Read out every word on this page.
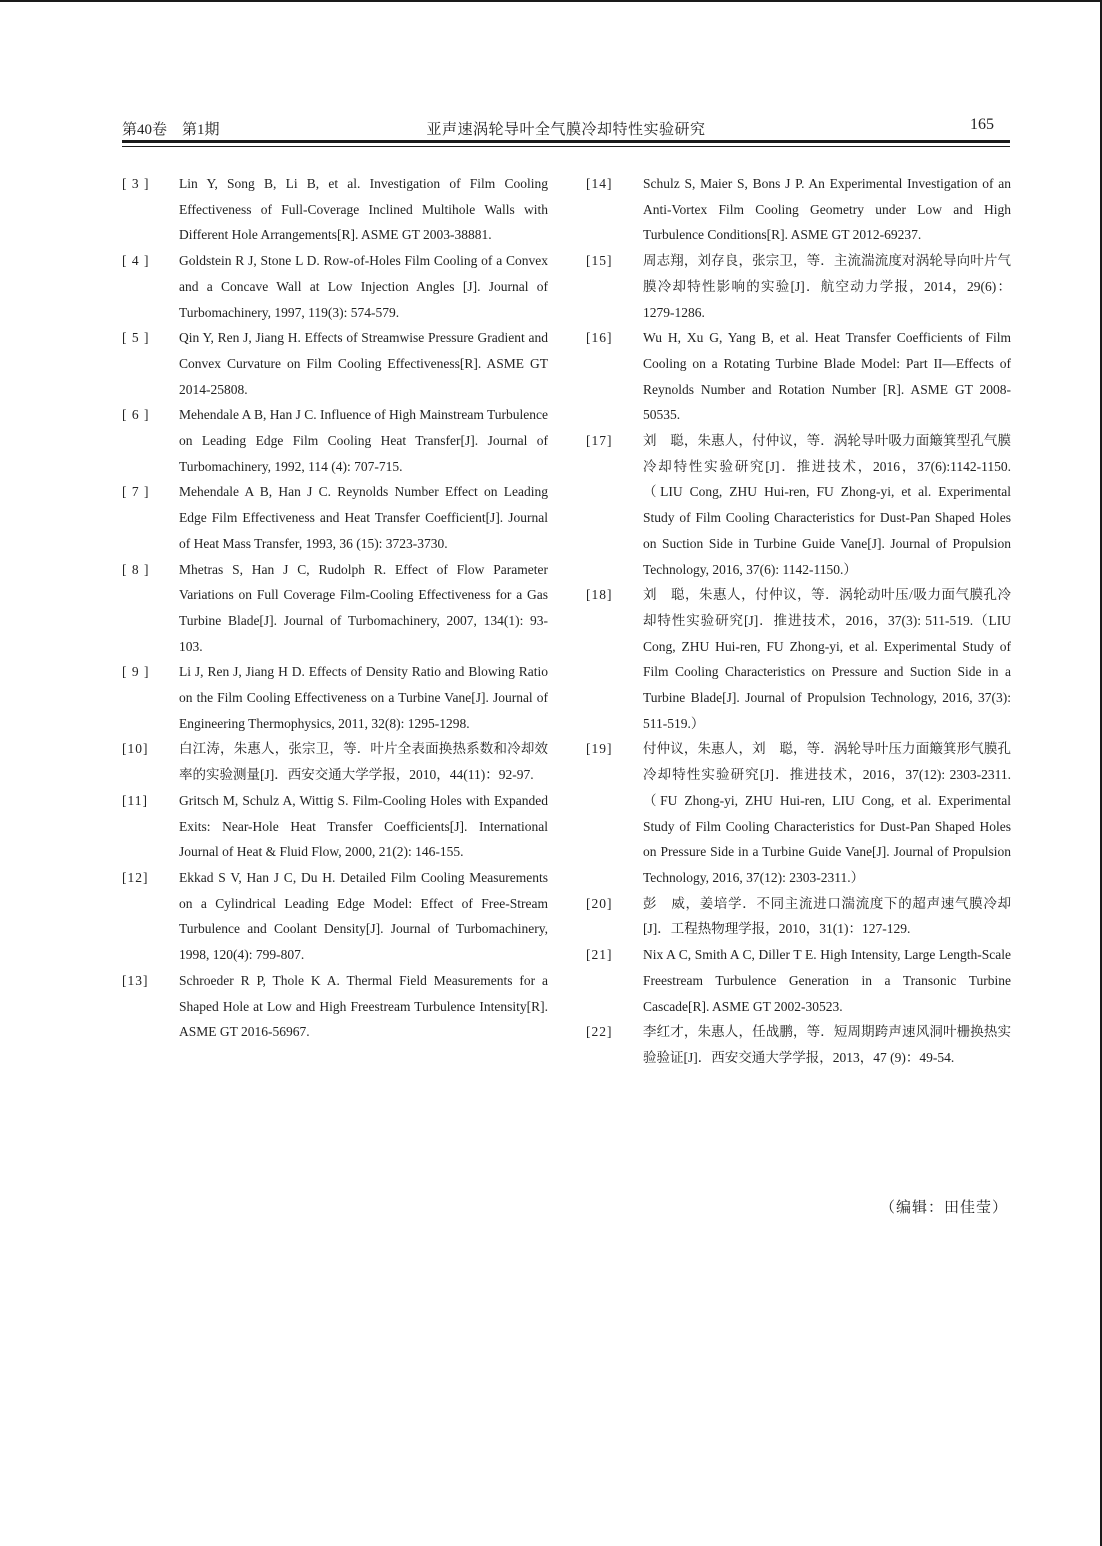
第40卷　第1期	亚声速涡轮导叶全气膜冷却特性实验研究	165
[ 3 ] Lin Y, Song B, Li B, et al. Investigation of Film Cooling Effectiveness of Full-Coverage Inclined Multihole Walls with Different Hole Arrangements[R]. ASME GT 2003-38881.
[ 4 ] Goldstein R J, Stone L D. Row-of-Holes Film Cooling of a Convex and a Concave Wall at Low Injection Angles [J]. Journal of Turbomachinery, 1997, 119(3): 574-579.
[ 5 ] Qin Y, Ren J, Jiang H. Effects of Streamwise Pressure Gradient and Convex Curvature on Film Cooling Effectiveness[R]. ASME GT 2014-25808.
[ 6 ] Mehendale A B, Han J C. Influence of High Mainstream Turbulence on Leading Edge Film Cooling Heat Transfer[J]. Journal of Turbomachinery, 1992, 114 (4): 707-715.
[ 7 ] Mehendale A B, Han J C. Reynolds Number Effect on Leading Edge Film Effectiveness and Heat Transfer Coefficient[J]. Journal of Heat Mass Transfer, 1993, 36 (15): 3723-3730.
[ 8 ] Mhetras S, Han J C, Rudolph R. Effect of Flow Parameter Variations on Full Coverage Film-Cooling Effectiveness for a Gas Turbine Blade[J]. Journal of Turbomachinery, 2007, 134(1): 93-103.
[ 9 ] Li J, Ren J, Jiang H D. Effects of Density Ratio and Blowing Ratio on the Film Cooling Effectiveness on a Turbine Vane[J]. Journal of Engineering Thermophysics, 2011, 32(8): 1295-1298.
[10] 白江涛，朱惠人，张宗卫，等．叶片全表面换热系数和冷却效率的实验测量[J]．西安交通大学学报，2010，44(11)：92-97.
[11] Gritsch M, Schulz A, Wittig S. Film-Cooling Holes with Expanded Exits: Near-Hole Heat Transfer Coefficients[J]. International Journal of Heat & Fluid Flow, 2000, 21(2): 146-155.
[12] Ekkad S V, Han J C, Du H. Detailed Film Cooling Measurements on a Cylindrical Leading Edge Model: Effect of Free-Stream Turbulence and Coolant Density[J]. Journal of Turbomachinery, 1998, 120(4): 799-807.
[13] Schroeder R P, Thole K A. Thermal Field Measurements for a Shaped Hole at Low and High Freestream Turbulence Intensity[R]. ASME GT 2016-56967.
[14] Schulz S, Maier S, Bons J P. An Experimental Investigation of an Anti-Vortex Film Cooling Geometry under Low and High Turbulence Conditions[R]. ASME GT 2012-69237.
[15] 周志翔，刘存良，张宗卫，等．主流湍流度对涡轮导向叶片气膜冷却特性影响的实验[J]．航空动力学报，2014，29(6)：1279-1286.
[16] Wu H, Xu G, Yang B, et al. Heat Transfer Coefficients of Film Cooling on a Rotating Turbine Blade Model: Part II—Effects of Reynolds Number and Rotation Number [R]. ASME GT 2008-50535.
[17] 刘　聪，朱惠人，付仲议，等．涡轮导叶吸力面簸箕型孔气膜冷却特性实验研究[J]．推进技术，2016，37(6):1142-1150.（LIU Cong, ZHU Hui-ren, FU Zhong-yi, et al. Experimental Study of Film Cooling Characteristics for Dust-Pan Shaped Holes on Suction Side in Turbine Guide Vane[J]. Journal of Propulsion Technology, 2016, 37(6): 1142-1150.）
[18] 刘　聪，朱惠人，付仲议，等．涡轮动叶压/吸力面气膜孔冷却特性实验研究[J]．推进技术，2016，37(3): 511-519.（LIU Cong, ZHU Hui-ren, FU Zhong-yi, et al. Experimental Study of Film Cooling Characteristics on Pressure and Suction Side in a Turbine Blade[J]. Journal of Propulsion Technology, 2016, 37(3): 511-519.）
[19] 付仲议，朱惠人，刘　聪，等．涡轮导叶压力面簸箕形气膜孔冷却特性实验研究[J]．推进技术，2016，37(12): 2303-2311.（FU Zhong-yi, ZHU Hui-ren, LIU Cong, et al. Experimental Study of Film Cooling Characteristics for Dust-Pan Shaped Holes on Pressure Side in a Turbine Guide Vane[J]. Journal of Propulsion Technology, 2016, 37(12): 2303-2311.）
[20] 彭　威，姜培学．不同主流进口湍流度下的超声速气膜冷却[J]．工程热物理学报，2010，31(1)：127-129.
[21] Nix A C, Smith A C, Diller T E. High Intensity, Large Length-Scale Freestream Turbulence Generation in a Transonic Turbine Cascade[R]. ASME GT 2002-30523.
[22] 李红才，朱惠人，任战鹏，等．短周期跨声速风洞叶栅换热实验验证[J]．西安交通大学学报，2013，47 (9)：49-54.
（编辑：田佳莹）
